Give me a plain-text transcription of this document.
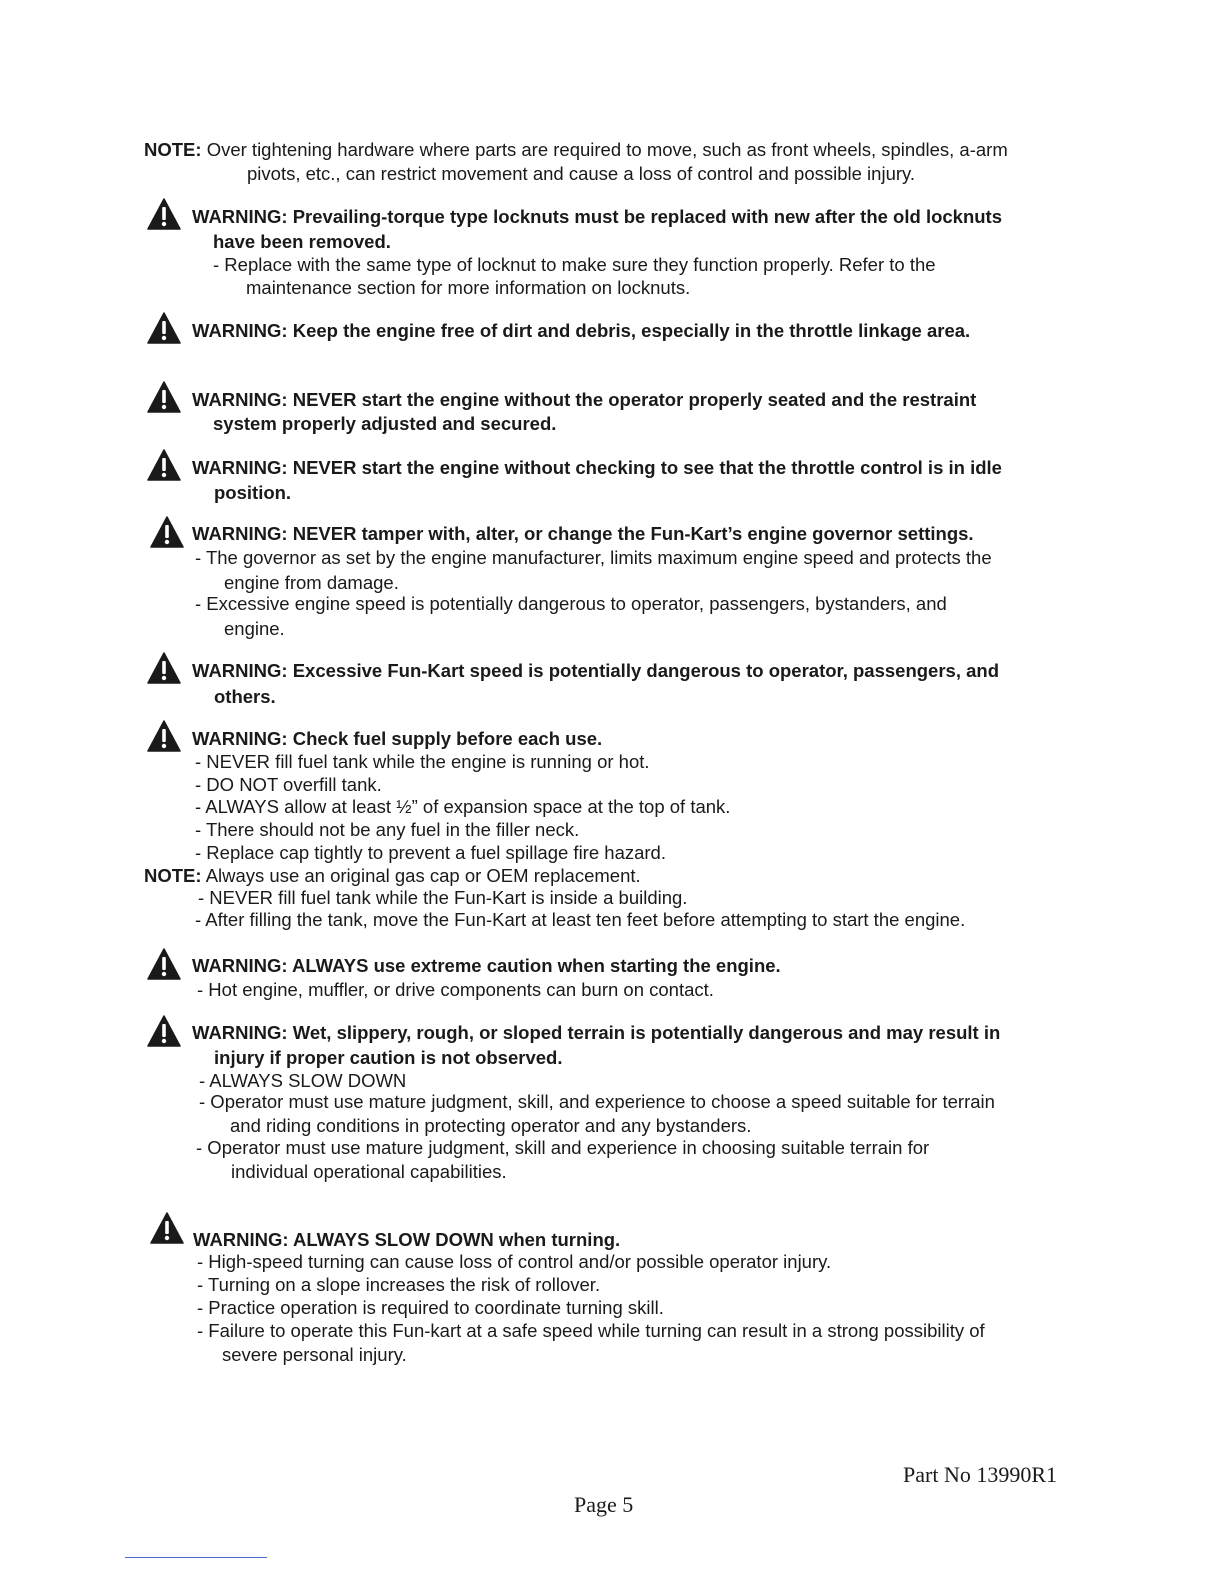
NOTE: Over tightening hardware where parts are required to move, such as front wheels, spindles, a-arm
pivots, etc., can restrict movement and cause a loss of control and possible injury.
WARNING: Prevailing-torque type locknuts must be replaced with new after the old locknuts
have been removed.
- Replace with the same type of locknut to make sure they function properly. Refer to the
maintenance section for more information on locknuts.
WARNING: Keep the engine free of dirt and debris, especially in the throttle linkage area.
WARNING: NEVER start the engine without the operator properly seated and the restraint
system properly adjusted and secured.
WARNING: NEVER start the engine without checking to see that the throttle control is in idle
position.
WARNING: NEVER tamper with, alter, or change the Fun-Kart’s engine governor settings.
- The governor as set by the engine manufacturer, limits maximum engine speed and protects the
engine from damage.
- Excessive engine speed is potentially dangerous to operator, passengers, bystanders, and
engine.
WARNING: Excessive Fun-Kart speed is potentially dangerous to operator, passengers, and
others.
WARNING: Check fuel supply before each use.
- NEVER fill fuel tank while the engine is running or hot.
- DO NOT overfill tank.
- ALWAYS allow at least ½” of expansion space at the top of tank.
- There should not be any fuel in the filler neck.
- Replace cap tightly to prevent a fuel spillage fire hazard.
NOTE: Always use an original gas cap or OEM replacement.
- NEVER fill fuel tank while the Fun-Kart is inside a building.
- After filling the tank, move the Fun-Kart at least ten feet before attempting to start the engine.
WARNING: ALWAYS use extreme caution when starting the engine.
- Hot engine, muffler, or drive components can burn on contact.
WARNING: Wet, slippery, rough, or sloped terrain is potentially dangerous and may result in
injury if proper caution is not observed.
- ALWAYS SLOW DOWN
- Operator must use mature judgment, skill, and experience to choose a speed suitable for terrain
and riding conditions in protecting operator and any bystanders.
- Operator must use mature judgment, skill and experience in choosing suitable terrain for
individual operational capabilities.
WARNING: ALWAYS SLOW DOWN when turning.
- High-speed turning can cause loss of control and/or possible operator injury.
- Turning on a slope increases the risk of rollover.
- Practice operation is required to coordinate turning skill.
- Failure to operate this Fun-kart at a safe speed while turning can result in a strong possibility of
severe personal injury.
Part No 13990R1
Page 5
